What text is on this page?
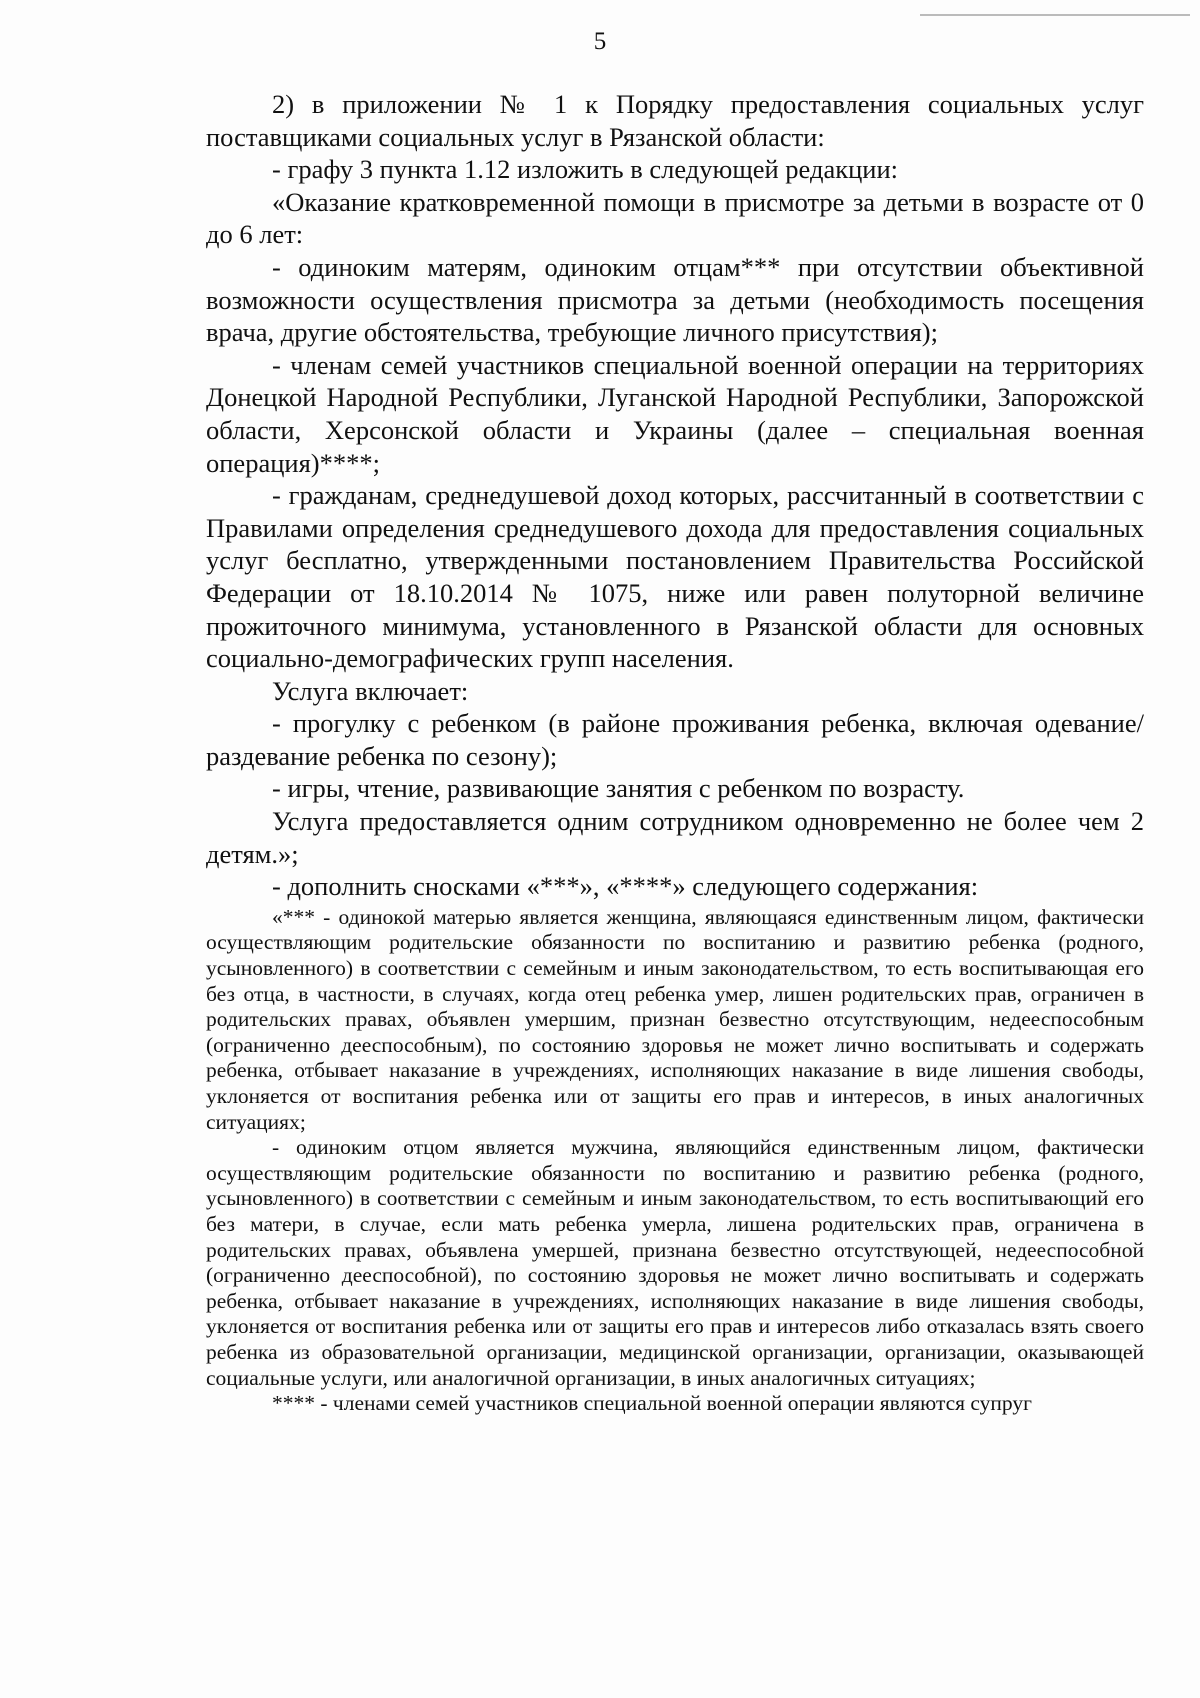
5

2) в приложении № 1 к Порядку предоставления социальных услуг поставщиками социальных услуг в Рязанской области:

- графу 3 пункта 1.12 изложить в следующей редакции:

«Оказание кратковременной помощи в присмотре за детьми в возрасте от 0 до 6 лет:

- одиноким матерям, одиноким отцам*** при отсутствии объективной возможности осуществления присмотра за детьми (необходимость посещения врача, другие обстоятельства, требующие личного присутствия);

- членам семей участников специальной военной операции на территориях Донецкой Народной Республики, Луганской Народной Республики, Запорожской области, Херсонской области и Украины (далее – специальная военная операция)****;

- гражданам, среднедушевой доход которых, рассчитанный в соответствии с Правилами определения среднедушевого дохода для предоставления социальных услуг бесплатно, утвержденными постановлением Правительства Российской Федерации от 18.10.2014 № 1075, ниже или равен полуторной величине прожиточного минимума, установленного в Рязанской области для основных социально-демографических групп населения.

Услуга включает:

- прогулку с ребенком (в районе проживания ребенка, включая одевание/раздевание ребенка по сезону);

- игры, чтение, развивающие занятия с ребенком по возрасту.

Услуга предоставляется одним сотрудником одновременно не более чем 2 детям.»;

- дополнить сносками «***», «****» следующего содержания:

«*** - одинокой матерью является женщина, являющаяся единственным лицом, фактически осуществляющим родительские обязанности по воспитанию и развитию ребенка (родного, усыновленного) в соответствии с семейным и иным законодательством, то есть воспитывающая его без отца, в частности, в случаях, когда отец ребенка умер, лишен родительских прав, ограничен в родительских правах, объявлен умершим, признан безвестно отсутствующим, недееспособным (ограниченно дееспособным), по состоянию здоровья не может лично воспитывать и содержать ребенка, отбывает наказание в учреждениях, исполняющих наказание в виде лишения свободы, уклоняется от воспитания ребенка или от защиты его прав и интересов, в иных аналогичных ситуациях;

- одиноким отцом является мужчина, являющийся единственным лицом, фактически осуществляющим родительские обязанности по воспитанию и развитию ребенка (родного, усыновленного) в соответствии с семейным и иным законодательством, то есть воспитывающий его без матери, в случае, если мать ребенка умерла, лишена родительских прав, ограничена в родительских правах, объявлена умершей, признана безвестно отсутствующей, недееспособной (ограниченно дееспособной), по состоянию здоровья не может лично воспитывать и содержать ребенка, отбывает наказание в учреждениях, исполняющих наказание в виде лишения свободы, уклоняется от воспитания ребенка или от защиты его прав и интересов либо отказалась взять своего ребенка из образовательной организации, медицинской организации, организации, оказывающей социальные услуги, или аналогичной организации, в иных аналогичных ситуациях;

**** - членами семей участников специальной военной операции являются супруг
